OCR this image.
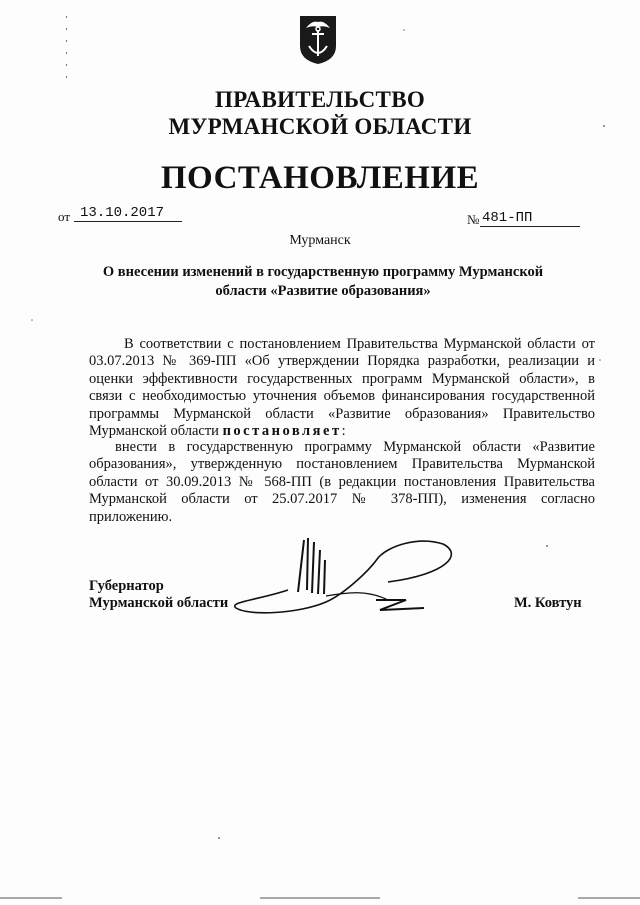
ПРАВИТЕЛЬСТВО
МУРМАНСКОЙ ОБЛАСТИ
ПОСТАНОВЛЕНИЕ
от 13.10.2017	№ 481-ПП
Мурманск
О внесении изменений в государственную программу Мурманской
области «Развитие образования»
В соответствии с постановлением Правительства Мурманской области от 03.07.2013 № 369-ПП «Об утверждении Порядка разработки, реализации и оценки эффективности государственных программ Мурманской области», в связи с необходимостью уточнения объемов финансирования государственной программы Мурманской области «Развитие образования» Правительство Мурманской области постановляет:
внести в государственную программу Мурманской области «Развитие образования», утвержденную постановлением Правительства Мурманской области от 30.09.2013 № 568-ПП (в редакции постановления Правительства Мурманской области от 25.07.2017 № 378-ПП), изменения согласно приложению.
Губернатор
Мурманской области	М. Ковтун
